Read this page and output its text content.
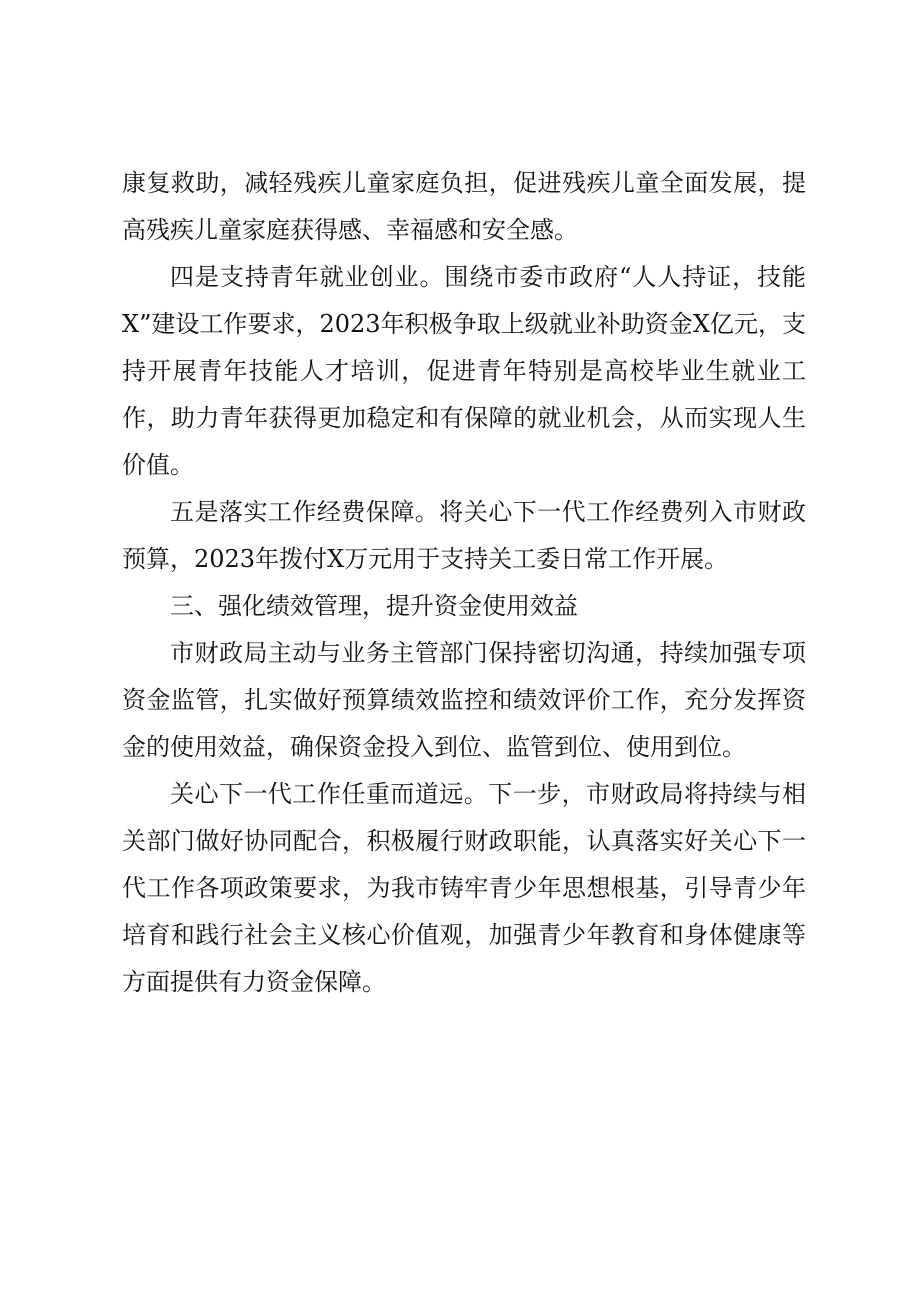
康复救助，减轻残疾儿童家庭负担，促进残疾儿童全面发展，提高残疾儿童家庭获得感、幸福感和安全感。

四是支持青年就业创业。围绕市委市政府“人人持证，技能X”建设工作要求，2023年积极争取上级就业补助资金X亿元，支持开展青年技能人才培训，促进青年特别是高校毕业生就业工作，助力青年获得更加稳定和有保障的就业机会，从而实现人生价值。

五是落实工作经费保障。将关心下一代工作经费列入市财政预算，2023年拨付X万元用于支持关工委日常工作开展。

三、强化绩效管理，提升资金使用效益

市财政局主动与业务主管部门保持密切沟通，持续加强专项资金监管，扎实做好预算绩效监控和绩效评价工作，充分发挥资金的使用效益，确保资金投入到位、监管到位、使用到位。

关心下一代工作任重而道远。下一步，市财政局将持续与相关部门做好协同配合，积极履行财政职能，认真落实好关心下一代工作各项政策要求，为我市铸牢青少年思想根基，引导青少年培育和践行社会主义核心价值观，加强青少年教育和身体健康等方面提供有力资金保障。
